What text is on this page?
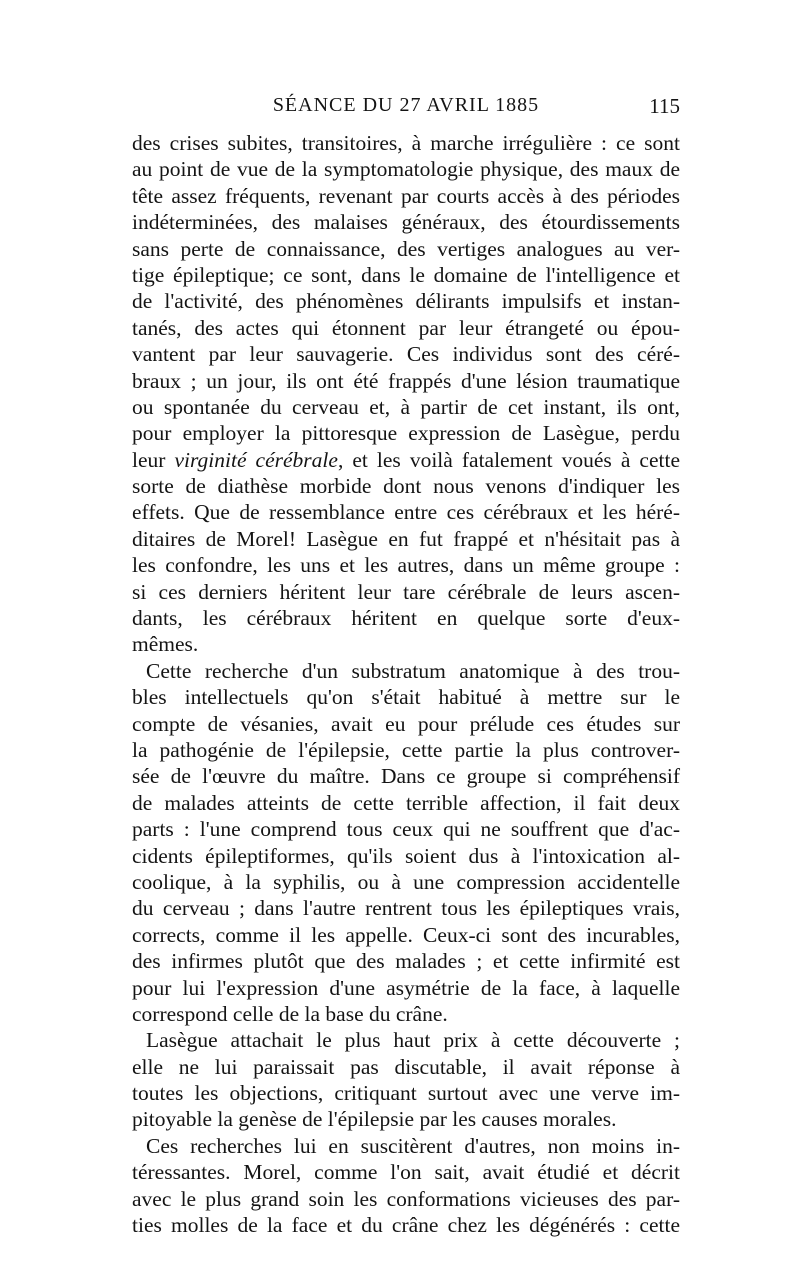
SÉANCE DU 27 AVRIL 1885	115
des crises subites, transitoires, à marche irrégulière : ce sont
au point de vue de la symptomatologie physique, des maux de
tête assez fréquents, revenant par courts accès à des périodes
indéterminées, des malaises généraux, des étourdissements
sans perte de connaissance, des vertiges analogues au ver-
tige épileptique; ce sont, dans le domaine de l'intelligence et
de l'activité, des phénomènes délirants impulsifs et instan-
tanés, des actes qui étonnent par leur étrangeté ou épou-
vantent par leur sauvagerie. Ces individus sont des céré-
braux ; un jour, ils ont été frappés d'une lésion traumatique
ou spontanée du cerveau et, à partir de cet instant, ils ont,
pour employer la pittoresque expression de Lasègue, perdu
leur virginité cérébrale, et les voilà fatalement voués à cette
sorte de diathèse morbide dont nous venons d'indiquer les
effets. Que de ressemblance entre ces cérébraux et les héré-
ditaires de Morel! Lasègue en fut frappé et n'hésitait pas à
les confondre, les uns et les autres, dans un même groupe :
si ces derniers héritent leur tare cérébrale de leurs ascen-
dants, les cérébraux héritent en quelque sorte d'eux-
mêmes.
Cette recherche d'un substratum anatomique à des trou-
bles intellectuels qu'on s'était habitué à mettre sur le
compte de vésanies, avait eu pour prélude ces études sur
la pathogénie de l'épilepsie, cette partie la plus controver-
sée de l'œuvre du maître. Dans ce groupe si compréhensif
de malades atteints de cette terrible affection, il fait deux
parts : l'une comprend tous ceux qui ne souffrent que d'ac-
cidents épileptiformes, qu'ils soient dus à l'intoxication al-
coolique, à la syphilis, ou à une compression accidentelle
du cerveau ; dans l'autre rentrent tous les épileptiques vrais,
corrects, comme il les appelle. Ceux-ci sont des incurables,
des infirmes plutôt que des malades ; et cette infirmité est
pour lui l'expression d'une asymétrie de la face, à laquelle
correspond celle de la base du crâne.
Lasègue attachait le plus haut prix à cette découverte ;
elle ne lui paraissait pas discutable, il avait réponse à
toutes les objections, critiquant surtout avec une verve im-
pitoyable la genèse de l'épilepsie par les causes morales.
Ces recherches lui en suscitèrent d'autres, non moins in-
téressantes. Morel, comme l'on sait, avait étudié et décrit
avec le plus grand soin les conformations vicieuses des par-
ties molles de la face et du crâne chez les dégénérés : cette
